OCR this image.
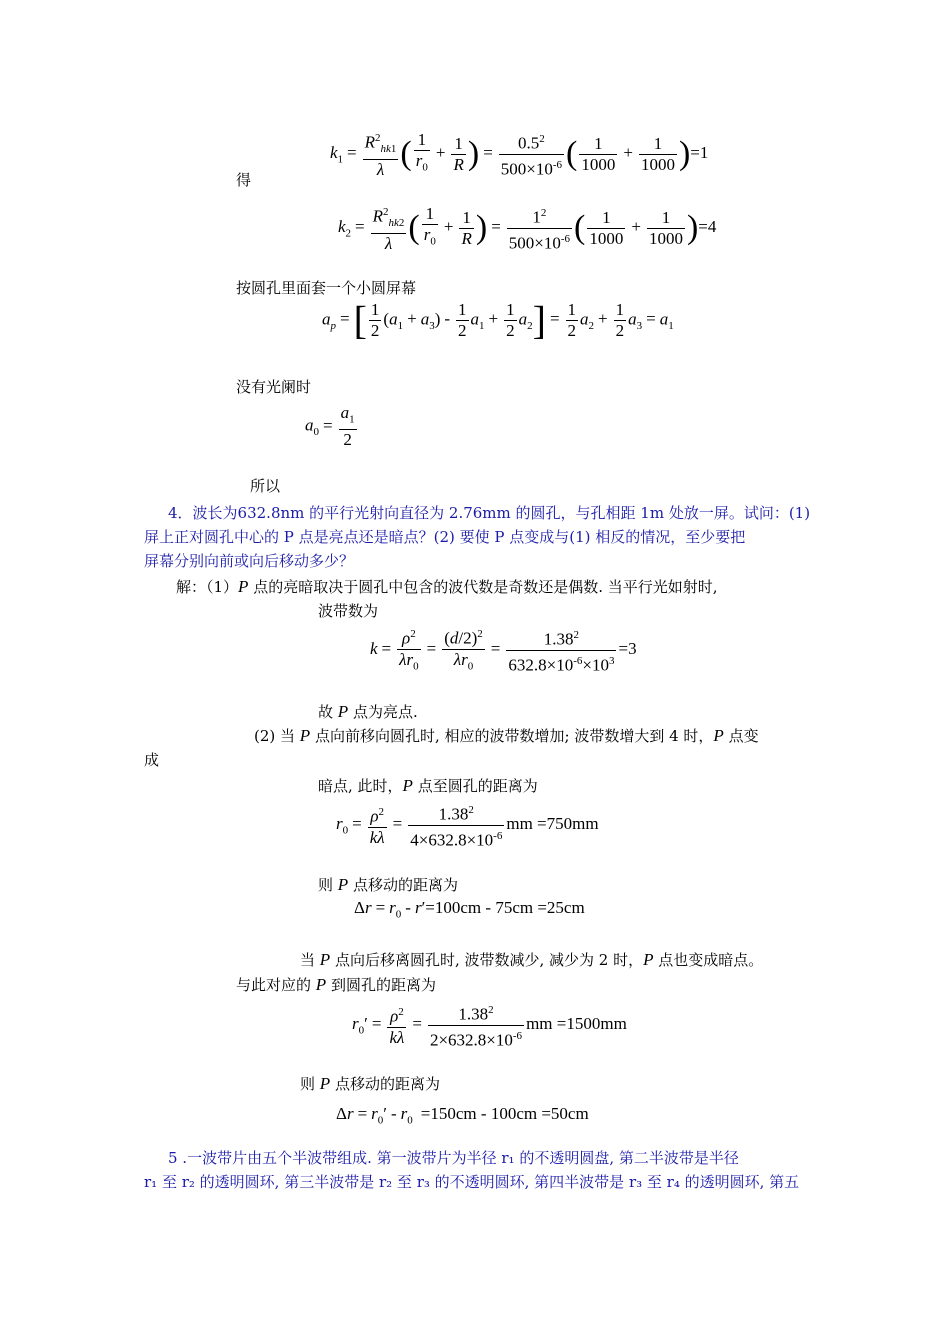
$k_1 = \frac{R^2_{hk1}}{\lambda}$ ( $\frac{1}{r_0} + \frac{1}{R}$ ) = $\frac{0.5^2}{500\times 10^{-6}}$ ( $\frac{1}{1000} + \frac{1}{1000} )=1$
得
$k_2 = \frac{R^2_{hk2}}{\lambda}$ ( $\frac{1}{r_0} + \frac{1}{R}$ ) = $\frac{1^2}{500\times 10^{-6}}$ ( $\frac{1}{1000} + \frac{1}{1000} )=4$
按圆孔里面套一个小圆屏幕
$a_p$ = [ $\frac{1}{2} (a_1 + a_3) - \frac{1}{2} a_1 + \frac{1}{2} a_2] = \frac{1}{2} a_2 + \frac{1}{2} a_3 = a_1$
没有光阑时
$a_0 = \frac{a_1}{2}$
所以
4．波长为632.8nm 的平行光射向直径为 2.76mm 的圆孔，与孔相距 1m 处放一屏。试问：(1)
屏上正对圆孔中心的 P 点是亮点还是暗点？(2) 要使 P 点变成与(1) 相反的情况，至少要把
屏幕分别向前或向后移动多少？
解：（1）P 点的亮暗取决于圆孔中包含的波代数是奇数还是偶数. 当平行光如射时,
波带数为
$k = \frac{\rho^2}{\lambda r_0} = \frac{(d/2)^2}{\lambda r_0} = \frac{1.38^2}{632.8\times 10^{-6}\times 10^3} =3$
故 P 点为亮点.
(2) 当 P 点向前移向圆孔时, 相应的波带数增加; 波带数增大到 4 时，P 点变
成
暗点, 此时，P 点至圆孔的距离为
$r_0 = \frac{\rho^2}{k\lambda} = \frac{1.38^2}{4\times 632.8\times 10^{-6}}$ mm =750mm
则 P 点移动的距离为
$\Delta r = r_0 - r'=100cm - 75cm =25cm$
当 P 点向后移离圆孔时, 波带数减少, 减少为 2 时，P 点也变成暗点。
与此对应的 P 到圆孔的距离为
$r_0' = \frac{\rho^2}{k\lambda} = \frac{1.38^2}{2\times 632.8\times 10^{-6}}$ mm =1500mm
则 P 点移动的距离为
$\Delta r = r_0' - r_0 =150cm - 100cm =50cm$
5 .一波带片由五个半波带组成. 第一波带片为半径 r₁ 的不透明圆盘, 第二半波带是半径
r₁ 至 r₂ 的透明圆环, 第三半波带是 r₂ 至 r₃ 的不透明圆环, 第四半波带是 r₃ 至 r₄ 的透明圆环, 第五
